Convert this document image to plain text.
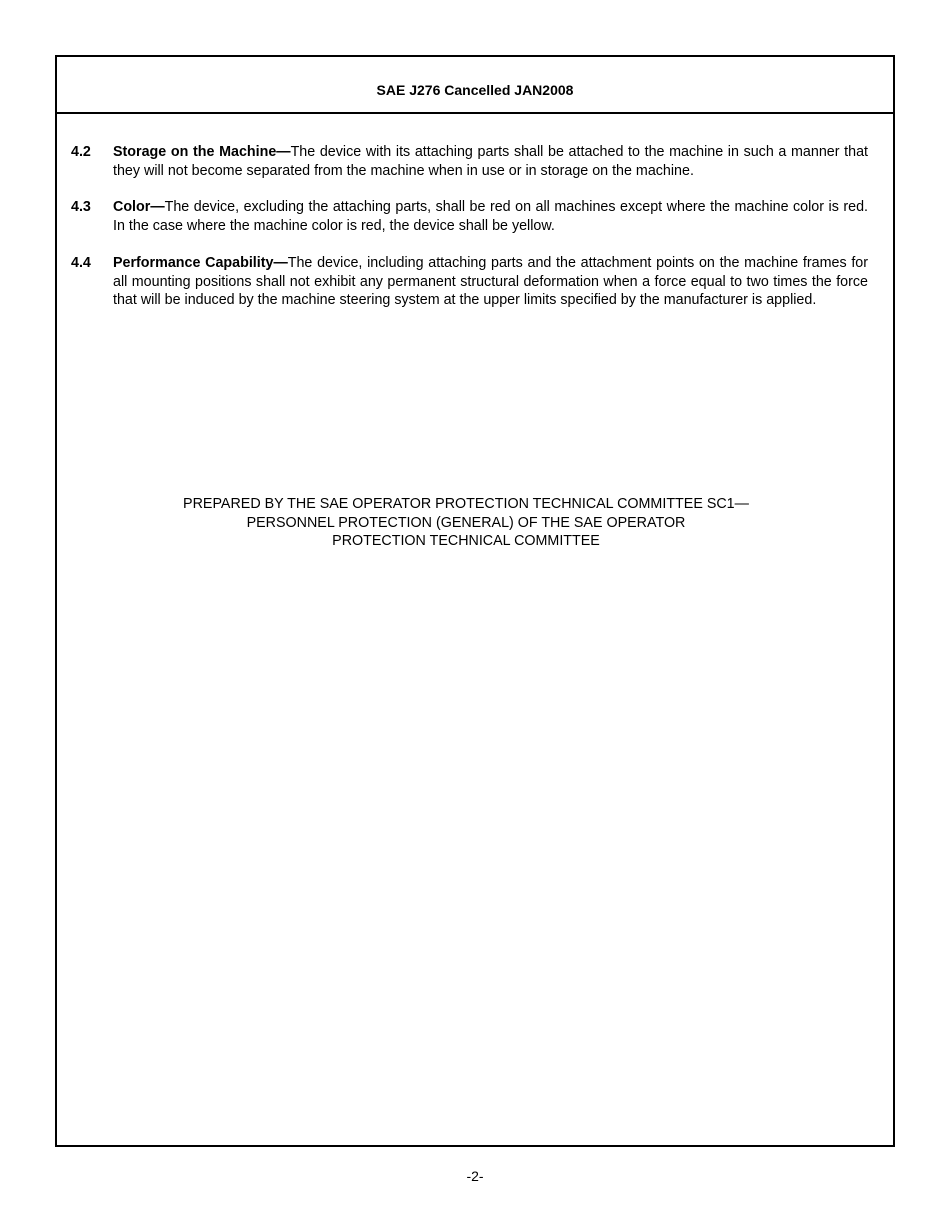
SAE J276 Cancelled JAN2008
4.2	Storage on the Machine—The device with its attaching parts shall be attached to the machine in such a manner that they will not become separated from the machine when in use or in storage on the machine.
4.3	Color—The device, excluding the attaching parts, shall be red on all machines except where the machine color is red. In the case where the machine color is red, the device shall be yellow.
4.4	Performance Capability—The device, including attaching parts and the attachment points on the machine frames for all mounting positions shall not exhibit any permanent structural deformation when a force equal to two times the force that will be induced by the machine steering system at the upper limits specified by the manufacturer is applied.
PREPARED BY THE SAE OPERATOR PROTECTION TECHNICAL COMMITTEE SC1—
PERSONNEL PROTECTION (GENERAL) OF THE SAE OPERATOR
PROTECTION TECHNICAL COMMITTEE
-2-
